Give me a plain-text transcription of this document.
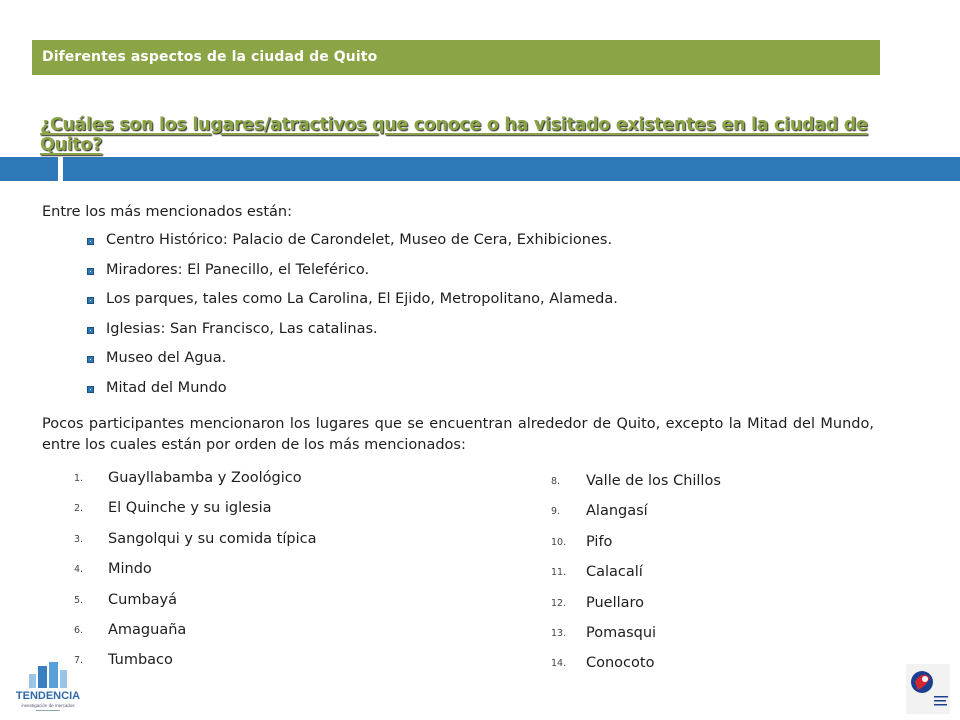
Diferentes aspectos de la ciudad de Quito
¿Cuáles son los lugares/atractivos que conoce o ha visitado existentes en la ciudad de Quito?
Entre los más mencionados están:
Centro Histórico: Palacio de Carondelet, Museo de Cera, Exhibiciones.
Miradores: El Panecillo, el Teleférico.
Los parques, tales como La Carolina, El Ejido, Metropolitano, Alameda.
Iglesias: San Francisco, Las catalinas.
Museo del Agua.
Mitad del Mundo
Pocos participantes mencionaron los lugares que se encuentran alrededor de Quito, excepto la Mitad del Mundo, entre los cuales están por orden de los más mencionados:
1. Guayllabamba y Zoológico
2. El Quinche y su iglesia
3. Sangolqui y su comida típica
4. Mindo
5. Cumbayá
6. Amaguaña
7. Tumbaco
8. Valle de los Chillos
9. Alangasí
10. Pifo
11. Calacalí
12. Puellaro
13. Pomasqui
14. Conocoto
TENDENCIA
investigación de mercados
